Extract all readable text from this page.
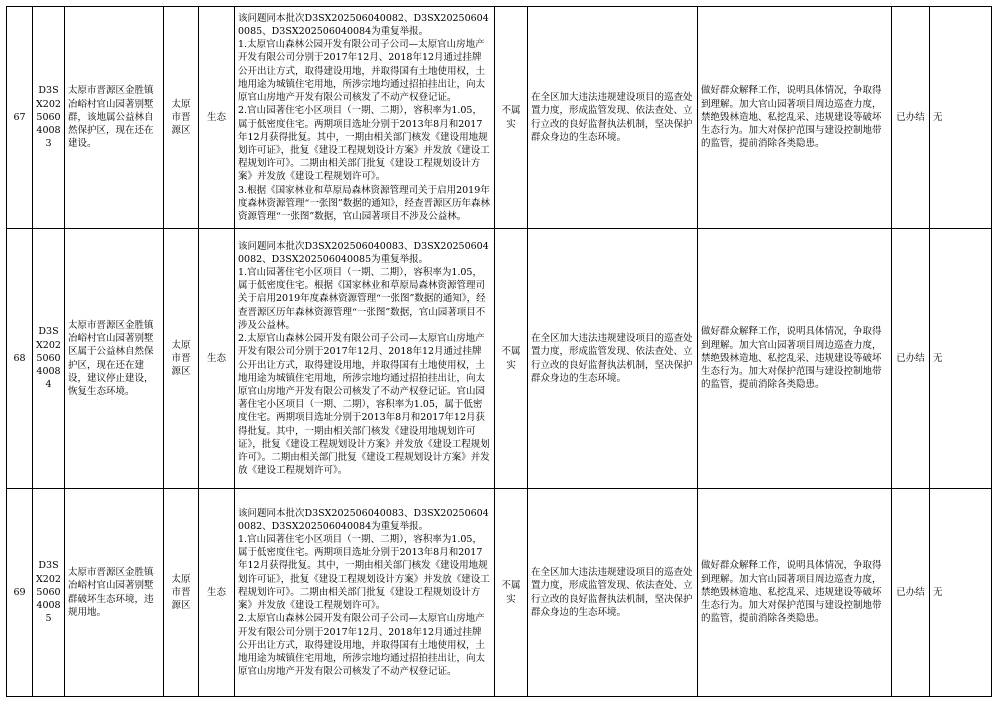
67	D3SX202506040083	太原市晋源区金胜镇冶峪村官山园著别墅群，该地属公益林自然保护区，现在还在建设。	太原市晋源区	生态	该问题同本批次D3SX202506040082、D3SX202506040085、D3SX202506040084为重复举报。
1.太原官山森林公园开发有限公司子公司—太原官山房地产开发有限公司分别于2017年12月、2018年12月通过挂牌公开出让方式，取得建设用地，并取得国有土地使用权，土地用途为城镇住宅用地，所涉宗地均通过招拍挂出让，向太原官山房地产开发有限公司核发了不动产权登记证。
2.官山园著住宅小区项目（一期、二期），容积率为1.05，属于低密度住宅。两期项目选址分别于2013年8月和2017年12月获得批复。其中，一期由相关部门核发《建设用地规划许可证》，批复《建设工程规划设计方案》并发放《建设工程规划许可》。二期由相关部门批复《建设工程规划设计方案》并发放《建设工程规划许可》。
3.根据《国家林业和草原局森林资源管理司关于启用2019年度森林资源管理“一张图”数据的通知》，经查晋源区历年森林资源管理“一张图”数据，官山园著项目不涉及公益林。	不属实	在全区加大违法违规建设项目的巡查处置力度，形成监管发现、依法查处、立行立改的良好监督执法机制，坚决保护群众身边的生态环境。	做好群众解释工作，说明具体情况，争取得到理解。加大官山园著项目周边巡查力度，禁绝毁林造地、私挖乱采、违规建设等破坏生态行为。加大对保护范围与建设控制地带的监管，提前消除各类隐患。	已办结	无
68	D3SX202506040084	太原市晋源区金胜镇冶峪村官山园著别墅区属于公益林自然保护区，现在还在建设，建议停止建设，恢复生态环境。	太原市晋源区	生态	该问题同本批次D3SX202506040083、D3SX202506040082、D3SX202506040085为重复举报。
1.官山园著住宅小区项目（一期、二期），容积率为1.05，属于低密度住宅。根据《国家林业和草原局森林资源管理司关于启用2019年度森林资源管理“一张图”数据的通知》，经查晋源区历年森林资源管理“一张图”数据，官山园著项目不涉及公益林。
2.太原官山森林公园开发有限公司子公司—太原官山房地产开发有限公司分别于2017年12月、2018年12月通过挂牌公开出让方式，取得建设用地，并取得国有土地使用权，土地用途为城镇住宅用地，所涉宗地均通过招拍挂出让，向太原官山房地产开发有限公司核发了不动产权登记证。官山园著住宅小区项目（一期、二期），容积率为1.05，属于低密度住宅。两期项目选址分别于2013年8月和2017年12月获得批复。其中，一期由相关部门核发《建设用地规划许可证》，批复《建设工程规划设计方案》并发放《建设工程规划许可》。二期由相关部门批复《建设工程规划设计方案》并发放《建设工程规划许可》。	不属实	在全区加大违法违规建设项目的巡查处置力度，形成监管发现、依法查处、立行立改的良好监督执法机制，坚决保护群众身边的生态环境。	做好群众解释工作，说明具体情况，争取得到理解。加大官山园著项目周边巡查力度，禁绝毁林造地、私挖乱采、违规建设等破坏生态行为。加大对保护范围与建设控制地带的监管，提前消除各类隐患。	已办结	无
69	D3SX202506040085	太原市晋源区金胜镇冶峪村官山园著别墅群破坏生态环境，违规用地。	太原市晋源区	生态	该问题同本批次D3SX202506040083、D3SX202506040082、D3SX202506040084为重复举报。
1.官山园著住宅小区项目（一期、二期），容积率为1.05，属于低密度住宅。两期项目选址分别于2013年8月和2017年12月获得批复。其中，一期由相关部门核发《建设用地规划许可证》，批复《建设工程规划设计方案》并发放《建设工程规划许可》。二期由相关部门批复《建设工程规划设计方案》并发放《建设工程规划许可》。
2.太原官山森林公园开发有限公司子公司—太原官山房地产开发有限公司分别于2017年12月、2018年12月通过挂牌公开出让方式，取得建设用地，并取得国有土地使用权，土地用途为城镇住宅用地，所涉宗地均通过招拍挂出让，向太原官山房地产开发有限公司核发了不动产权登记证。	不属实	在全区加大违法违规建设项目的巡查处置力度，形成监管发现、依法查处、立行立改的良好监督执法机制，坚决保护群众身边的生态环境。	做好群众解释工作，说明具体情况，争取得到理解。加大官山园著项目周边巡查力度，禁绝毁林造地、私挖乱采、违规建设等破坏生态行为。加大对保护范围与建设控制地带的监管，提前消除各类隐患。	已办结	无
